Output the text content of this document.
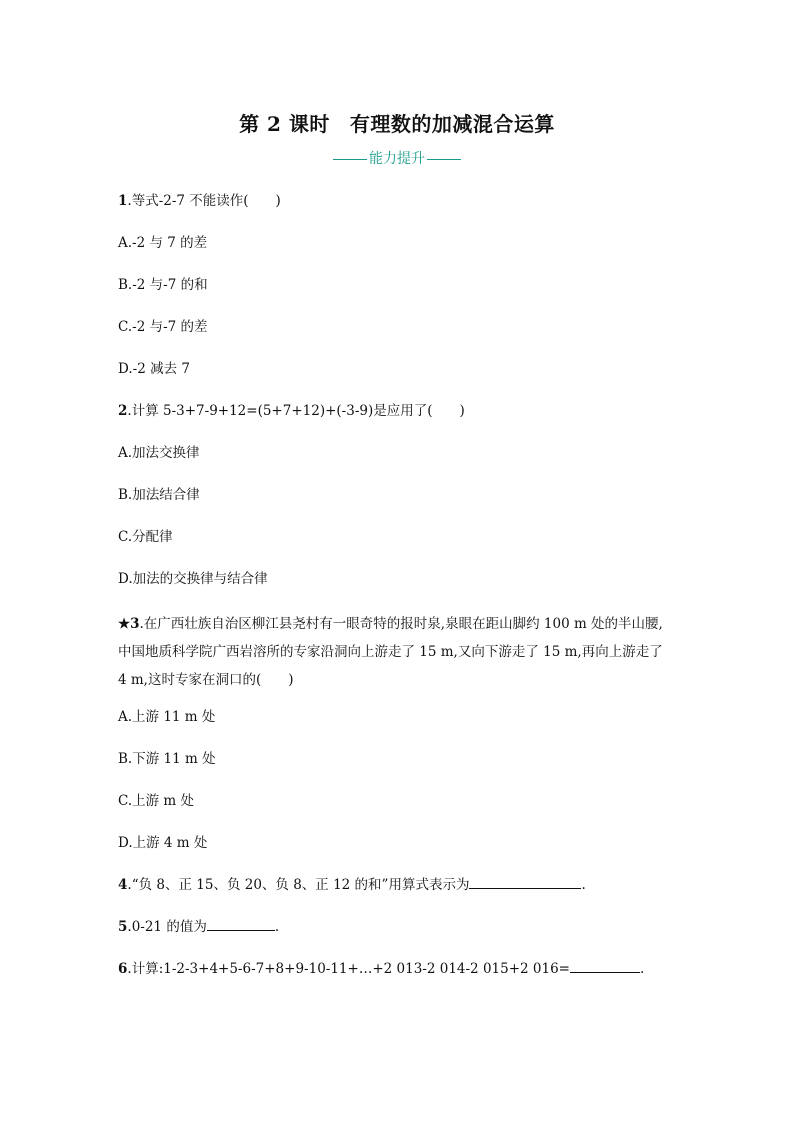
第 2 课时 有理数的加减混合运算
能力提升
1.等式-2-7 不能读作(　　)
A.-2 与 7 的差
B.-2 与-7 的和
C.-2 与-7 的差
D.-2 减去 7
2.计算 5-3+7-9+12=(5+7+12)+(-3-9)是应用了(　　)
A.加法交换律
B.加法结合律
C.分配律
D.加法的交换律与结合律
★3.在广西壮族自治区柳江县尧村有一眼奇特的报时泉,泉眼在距山脚约 100 m 处的半山腰,
中国地质科学院广西岩溶所的专家沿洞向上游走了 15 m,又向下游走了 15 m,再向上游走了
4 m,这时专家在洞口的(　　)
A.上游 11 m 处
B.下游 11 m 处
C.上游 m 处
D.上游 4 m 处
4.“负 8、正 15、负 20、负 8、正 12 的和”用算式表示为	.
5.0-21 的值为	.
6.计算:1-2-3+4+5-6-7+8+9-10-11+…+2 013-2 014-2 015+2 016=	.
